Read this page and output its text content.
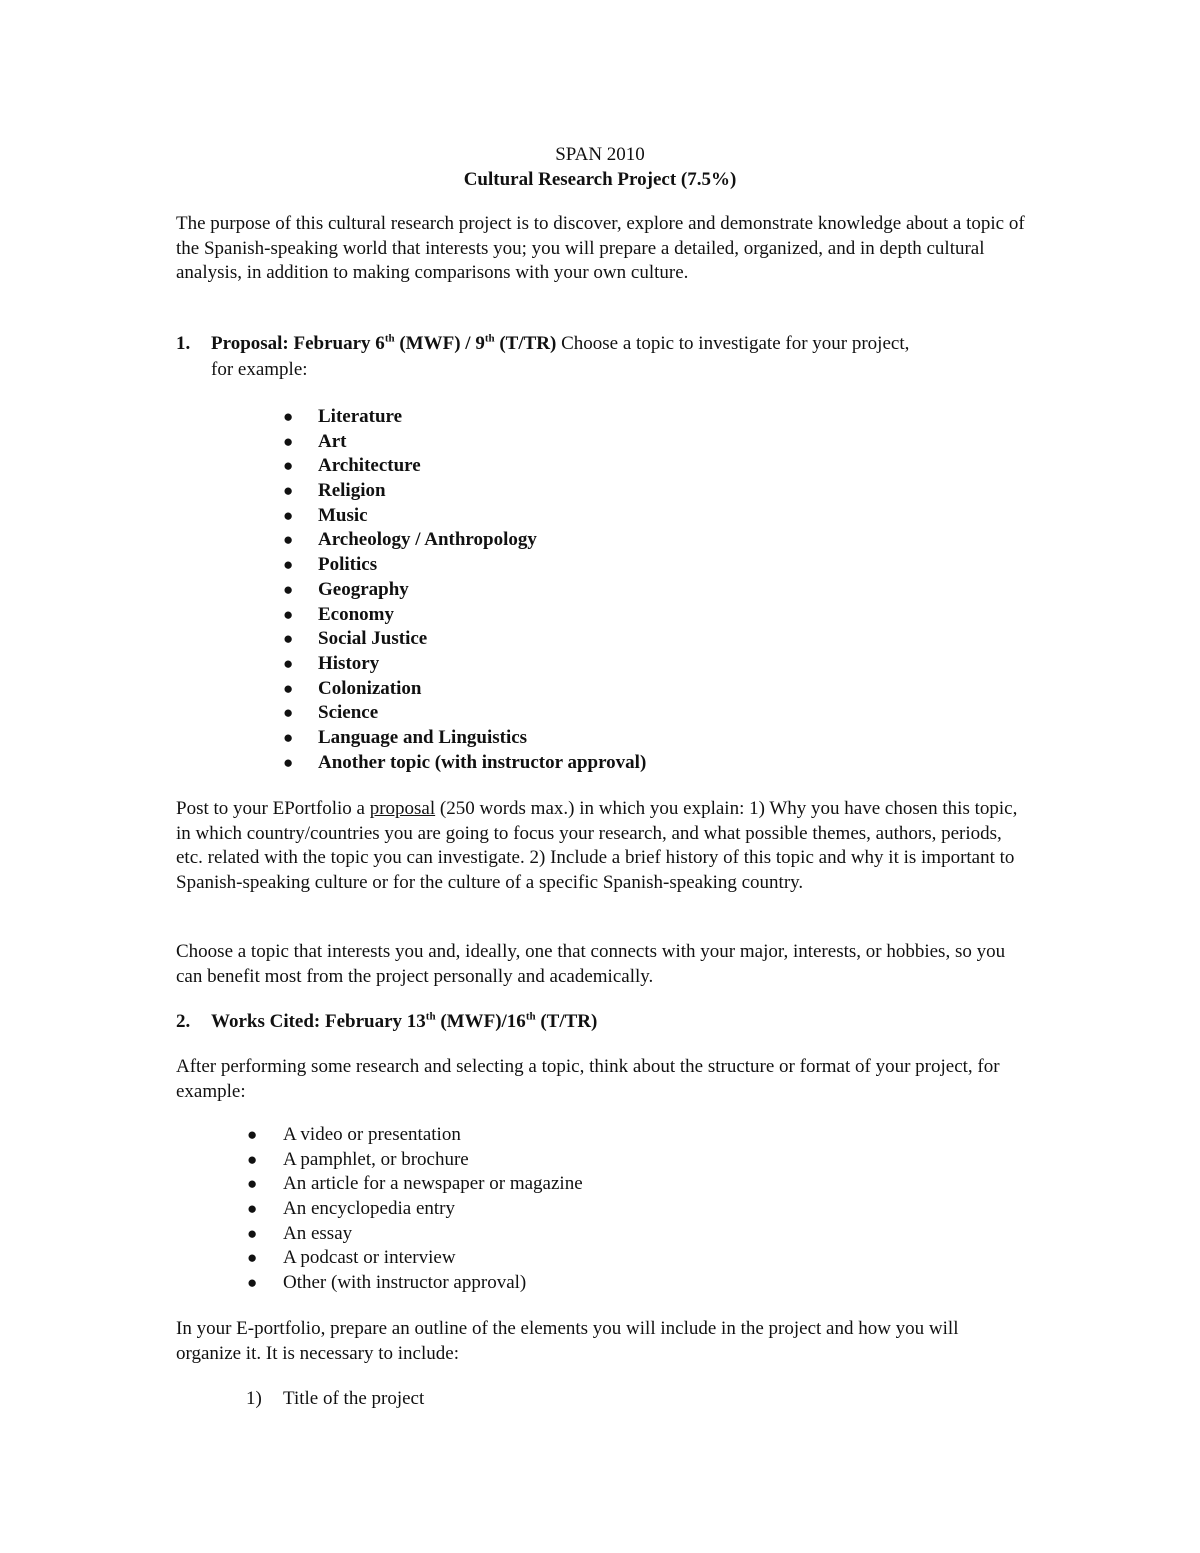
SPAN 2010
Cultural Research Project (7.5%)

The purpose of this cultural research project is to discover, explore and demonstrate knowledge about a topic of the Spanish-speaking world that interests you; you will prepare a detailed, organized, and in depth cultural analysis, in addition to making comparisons with your own culture.

1. Proposal: February 6th (MWF) / 9th (T/TR) Choose a topic to investigate for your project,

for example:

● Literature
● Art
● Architecture
● Religion
● Music
● Archeology / Anthropology
● Politics
● Geography
● Economy
● Social Justice
● History
● Colonization
● Science
● Language and Linguistics
● Another topic (with instructor approval)

Post to your EPortfolio a proposal (250 words max.) in which you explain: 1) Why you have chosen this topic, in which country/countries you are going to focus your research, and what possible themes, authors, periods, etc. related with the topic you can investigate. 2) Include a brief history of this topic and why it is important to Spanish-speaking culture or for the culture of a specific Spanish-speaking country.

Choose a topic that interests you and, ideally, one that connects with your major, interests, or hobbies, so you can benefit most from the project personally and academically.

2. Works Cited: February 13th (MWF)/16th (T/TR)

After performing some research and selecting a topic, think about the structure or format of your project, for example:

● A video or presentation
● A pamphlet, or brochure
● An article for a newspaper or magazine
● An encyclopedia entry
● An essay
● A podcast or interview
● Other (with instructor approval)

In your E-portfolio, prepare an outline of the elements you will include in the project and how you will organize it. It is necessary to include:

1) Title of the project
